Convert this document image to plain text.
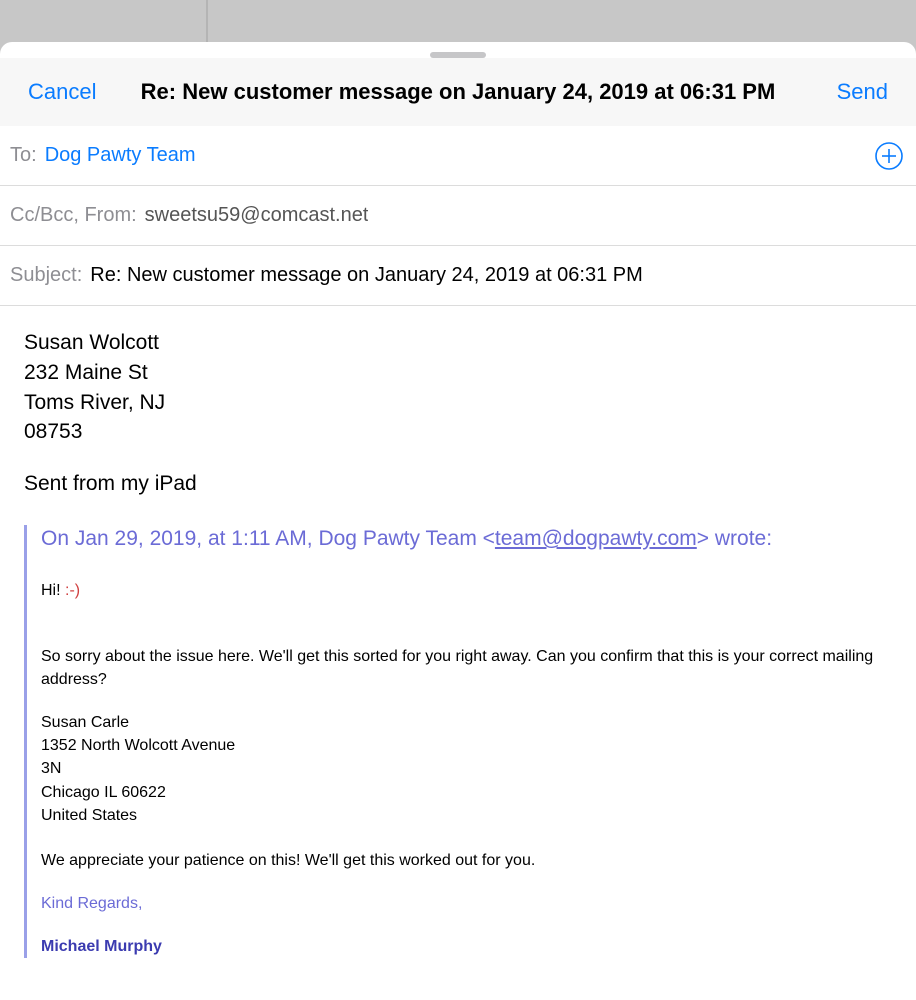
Cancel	Re: New customer message on January 24, 2019 at 06:31 PM	Send
To: Dog Pawty Team
Cc/Bcc, From: sweetsu59@comcast.net
Subject: Re: New customer message on January 24, 2019 at 06:31 PM

Susan Wolcott

232 Maine St

Toms River, NJ

08753

Sent from my iPad

On Jan 29, 2019, at 1:11 AM, Dog Pawty Team <team@dogpawty.com> wrote:

Hi! :-)

So sorry about the issue here. We'll get this sorted for you right away. Can you confirm that this is your correct mailing address?

Susan Carle

1352 North Wolcott Avenue

3N

Chicago IL 60622

United States

We appreciate your patience on this! We'll get this worked out for you.

Kind Regards,

Michael Murphy
